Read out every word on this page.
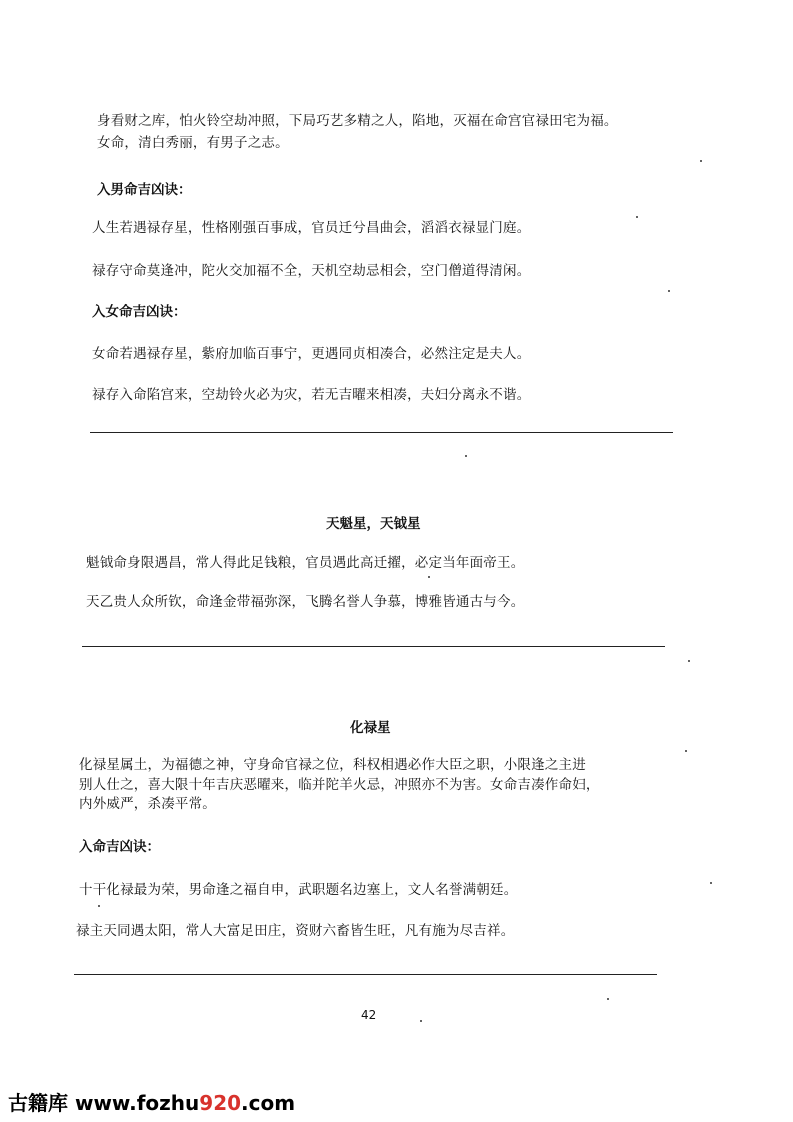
身看财之库，怕火铃空劫冲照，下局巧艺多精之人，陷地，灭福在命宫官禄田宅为福。
女命，清白秀丽，有男子之志。
入男命吉凶诀：
人生若遇禄存星，性格刚强百事成，官员迁兮昌曲会，滔滔衣禄显门庭。
禄存守命莫逢冲，陀火交加福不全，天机空劫忌相会，空门僧道得清闲。
入女命吉凶诀：
女命若遇禄存星，紫府加临百事宁，更遇同贞相凑合，必然注定是夫人。
禄存入命陷宫来，空劫铃火必为灾，若无吉曜来相凑，夫妇分离永不谐。
天魁星，天钺星
魁钺命身限遇昌，常人得此足钱粮，官员遇此高迁擢，必定当年面帝王。
天乙贵人众所钦，命逢金带福弥深，飞腾名誉人争慕，博雅皆通古与今。
化禄星
化禄星属土，为福德之神，守身命官禄之位，科权相遇必作大臣之职，小限逢之主进
别人仕之，喜大限十年吉庆恶曜来，临并陀羊火忌，冲照亦不为害。女命吉凑作命妇，
内外威严，杀凑平常。
入命吉凶诀：
十干化禄最为荣，男命逢之福自申，武职题名边塞上，文人名誉满朝廷。
禄主天同遇太阳，常人大富足田庄，资财六畜皆生旺，凡有施为尽吉祥。
42
古籍库 www.fozhu920.com
